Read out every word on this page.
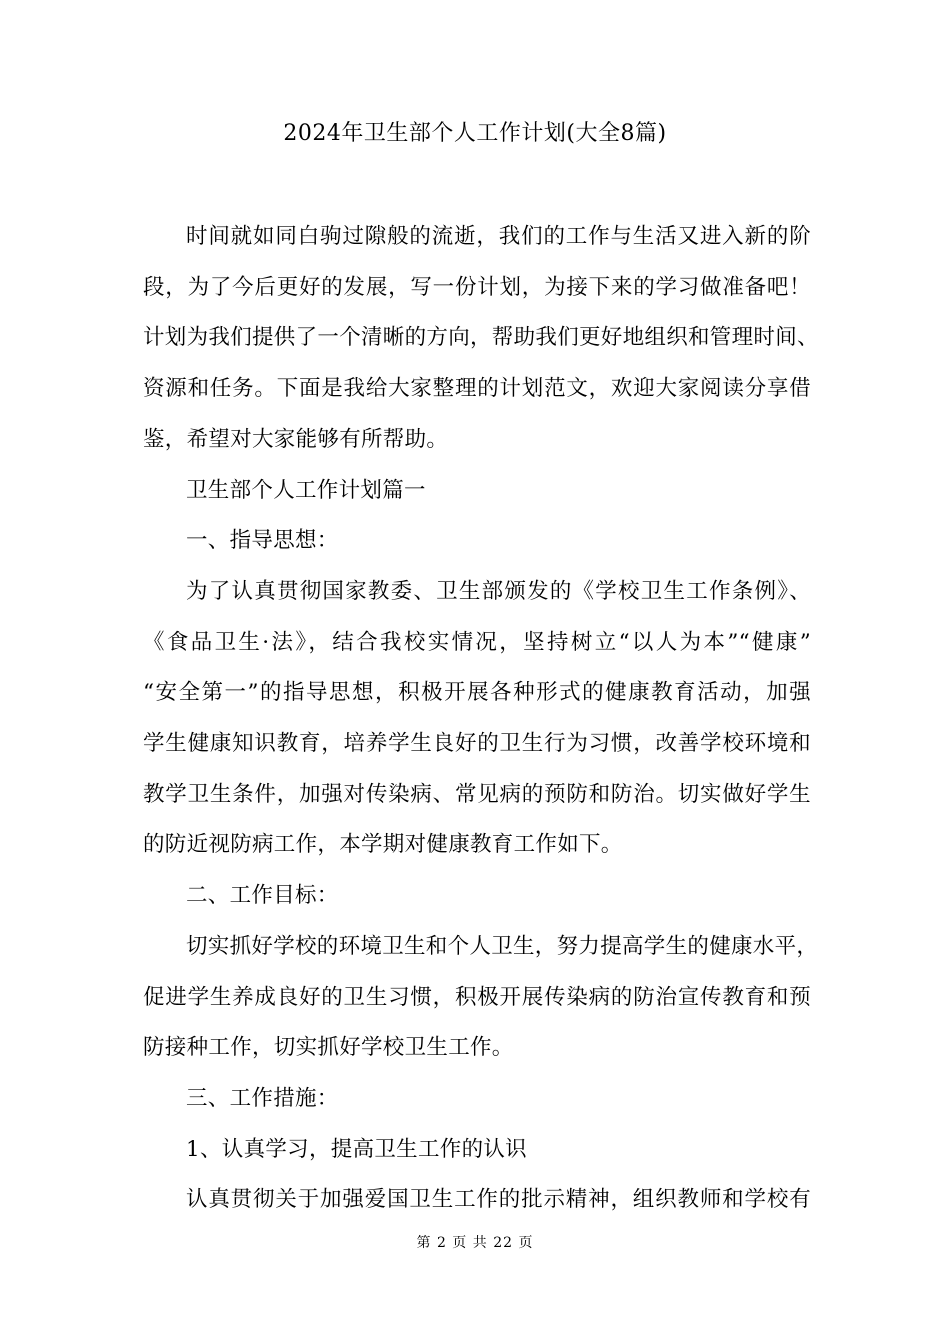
2024年卫生部个人工作计划(大全8篇)
时间就如同白驹过隙般的流逝，我们的工作与生活又进入新的阶
段，为了今后更好的发展，写一份计划，为接下来的学习做准备吧！
计划为我们提供了一个清晰的方向，帮助我们更好地组织和管理时间、
资源和任务。下面是我给大家整理的计划范文，欢迎大家阅读分享借
鉴，希望对大家能够有所帮助。

卫生部个人工作计划篇一

一、指导思想：

为了认真贯彻国家教委、卫生部颁发的《学校卫生工作条例》、
《食品卫生·法》，结合我校实情况，坚持树立“以人为本”“健康”
“安全第一”的指导思想，积极开展各种形式的健康教育活动，加强
学生健康知识教育，培养学生良好的卫生行为习惯，改善学校环境和
教学卫生条件，加强对传染病、常见病的预防和防治。切实做好学生
的防近视防病工作，本学期对健康教育工作如下。

二、工作目标：

切实抓好学校的环境卫生和个人卫生，努力提高学生的健康水平，
促进学生养成良好的卫生习惯，积极开展传染病的防治宣传教育和预
防接种工作，切实抓好学校卫生工作。

三、工作措施：

1、认真学习，提高卫生工作的认识

认真贯彻关于加强爱国卫生工作的批示精神，组织教师和学校有
第 2 页 共 22 页
